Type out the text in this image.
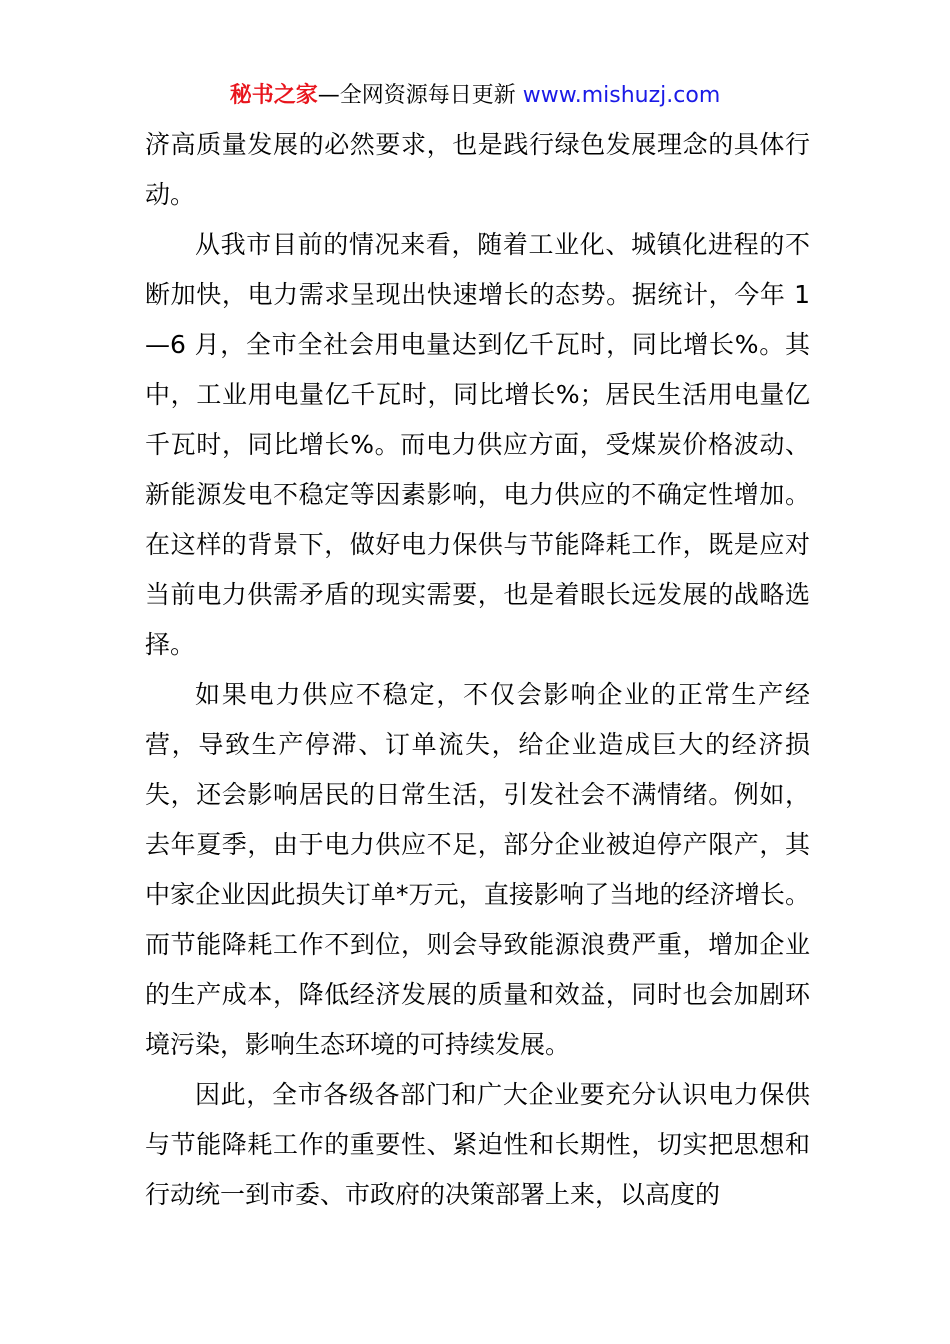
秘书之家—全网资源每日更新 www.mishuzj.com

济高质量发展的必然要求，也是践行绿色发展理念的具体行动。

从我市目前的情况来看，随着工业化、城镇化进程的不断加快，电力需求呈现出快速增长的态势。据统计，今年 1—6 月，全市全社会用电量达到亿千瓦时，同比增长%。其中，工业用电量亿千瓦时，同比增长%；居民生活用电量亿千瓦时，同比增长%。而电力供应方面，受煤炭价格波动、新能源发电不稳定等因素影响，电力供应的不确定性增加。在这样的背景下，做好电力保供与节能降耗工作，既是应对当前电力供需矛盾的现实需要，也是着眼长远发展的战略选择。

如果电力供应不稳定，不仅会影响企业的正常生产经营，导致生产停滞、订单流失，给企业造成巨大的经济损失，还会影响居民的日常生活，引发社会不满情绪。例如，去年夏季，由于电力供应不足，部分企业被迫停产限产，其中家企业因此损失订单*万元，直接影响了当地的经济增长。而节能降耗工作不到位，则会导致能源浪费严重，增加企业的生产成本，降低经济发展的质量和效益，同时也会加剧环境污染，影响生态环境的可持续发展。

因此，全市各级各部门和广大企业要充分认识电力保供与节能降耗工作的重要性、紧迫性和长期性，切实把思想和行动统一到市委、市政府的决策部署上来，以高度的
